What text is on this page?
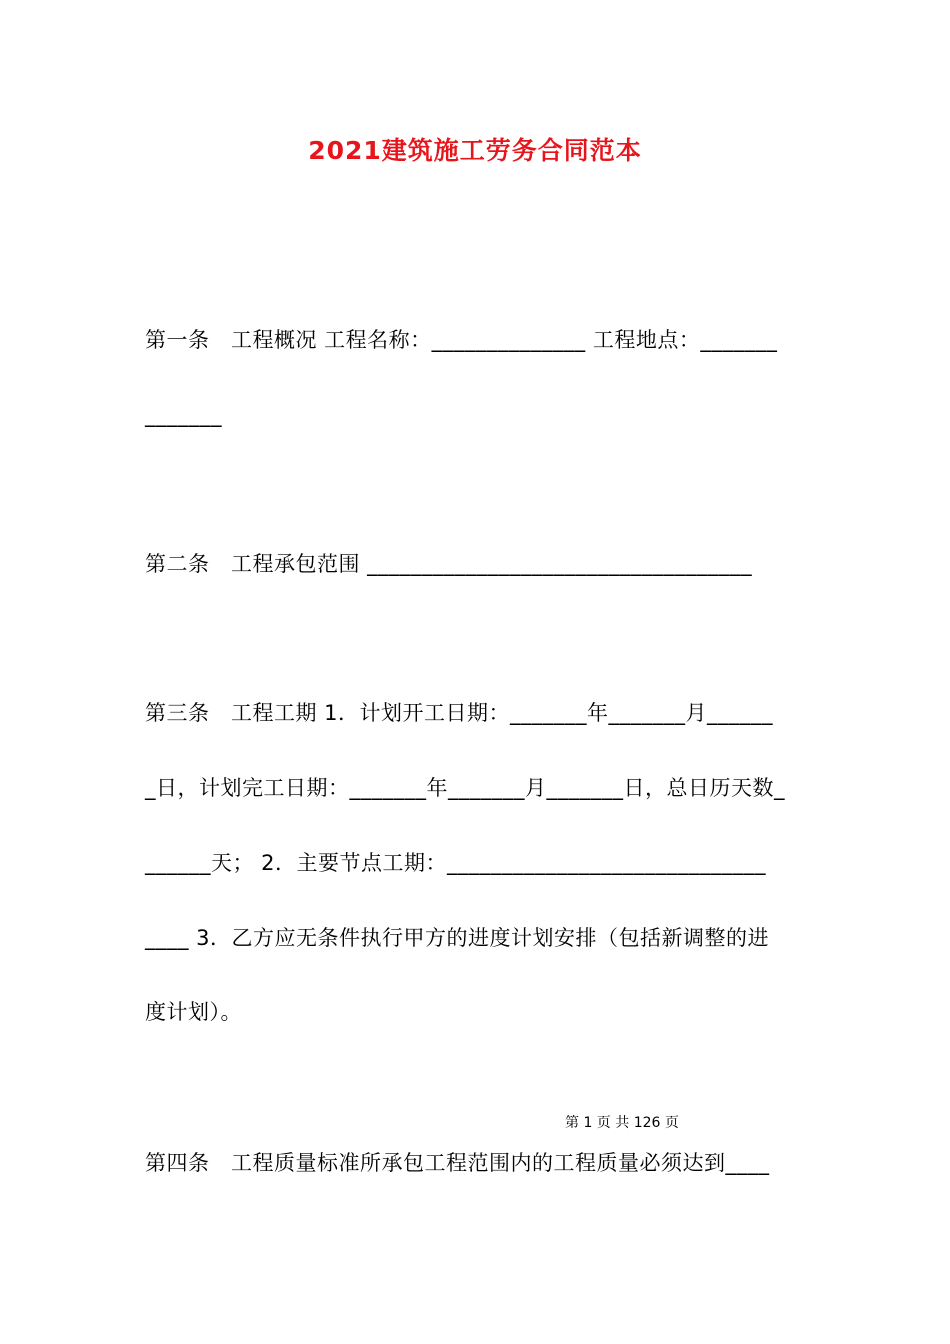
2021建筑施工劳务合同范本
第一条　工程概况 工程名称：______________ 工程地点：_______
_______
第二条　工程承包范围 ___________________________________
第三条　工程工期 1．计划开工日期：_______年_______月______
_日，计划完工日期：_______年_______月_______日，总日历天数_
______天； 2．主要节点工期：_____________________________
____ 3．乙方应无条件执行甲方的进度计划安排（包括新调整的进
度计划）。
第 1 页 共 126 页
第四条　工程质量标准所承包工程范围内的工程质量必须达到____
